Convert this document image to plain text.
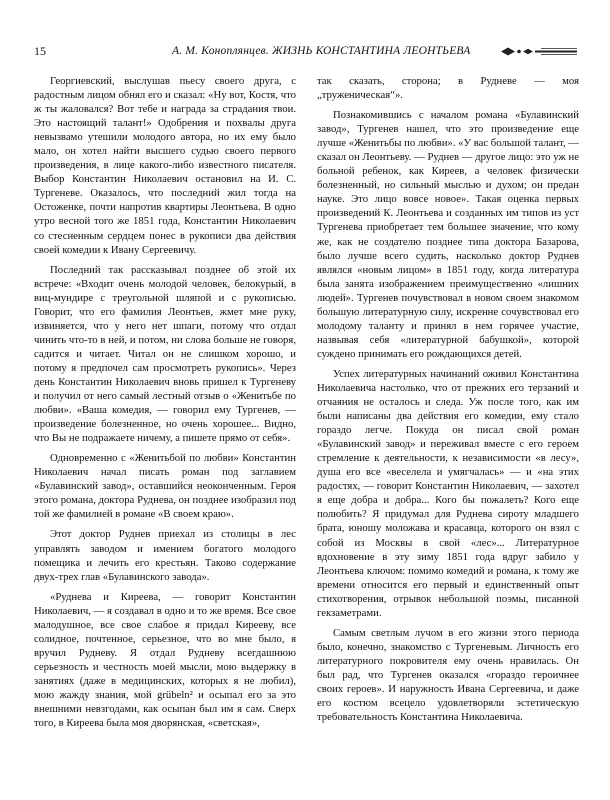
15	А. М. Коноплянцев. ЖИЗНЬ КОНСТАНТИНА ЛЕОНТЬЕВА

Георгиевский, выслушав пьесу своего друга, с радостным лицом обнял его и сказал: «Ну вот, Костя, что ж ты жаловался? Вот тебе и награда за страдания твои. Это настоящий талант!» Одобрения и похвалы друга невызвамо утешили молодого автора, но их ему было мало, он хотел найти высшего судью своего первого произведения, в лице какого-либо известного писателя. Выбор Константин Николаевич остановил на И. С. Тургеневе. Оказалось, что последний жил тогда на Остоженке, почти напротив квартиры Леонтьева. В одно утро весной того же 1851 года, Константин Николаевич со стесненным сердцем понес в рукописи два действия своей комедии к Ивану Сергеевичу.

Последний так рассказывал позднее об этой их встрече: «Входит очень молодой человек, белокурый, в виц-мундире с треугольной шляпой и с рукописью. Говорит, что его фамилия Леонтьев, жмет мне руку, извиняется, что у него нет шпаги, потому что отдал чинить что-то в ней, и потом, ни слова больше не говоря, садится и читает. Читал он не слишком хорошо, и потому я предпочел сам просмотреть рукопись». Через день Константин Николаевич вновь пришел к Тургеневу и получил от него самый лестный отзыв о «Женитьбе по любви». «Ваша комедия, — говорил ему Тургенев, — произведение болезненное, но очень хорошее... Видно, что Вы не подражаете ничему, а пишете прямо от себя».

Одновременно с «Женитьбой по любви» Константин Николаевич начал писать роман под заглавием «Булавинский завод», оставшийся неоконченным. Героя этого романа, доктора Руднева, он позднее изобразил под той же фамилией в романе «В своем краю».

Этот доктор Руднев приехал из столицы в лес управлять заводом и имением богатого молодого помещика и лечить его крестьян. Таково содержание двух-трех глав «Булавинского завода».

«Руднева и Киреева, — говорит Константин Николаевич, — я создавал в одно и то же время. Все свое малодушное, все свое слабое я придал Кирееву, все солидное, почтенное, серьезное, что во мне было, я вручил Рудневу. Я отдал Рудневу всегдашнюю серьезность и честность моей мысли, мою выдержку в занятиях (даже в медицинских, которых я не любил), мою жажду знания, мой grübeln² и осыпал его за это внешними невзгодами, как осыпан был им я сам. Сверх того, в Киреева была моя дворянская, «светская»,

так сказать, сторона; в Рудневе — моя „труженическая“».

Познакомившись с началом романа «Булавинский завод», Тургенев нашел, что это произведение еще лучше «Женитьбы по любви». «У вас большой талант, — сказал он Леонтьеву. — Руднев — другое лицо: это уж не больной ребенок, как Киреев, а человек физически болезненный, но сильный мыслью и духом; он предан науке. Это лицо вовсе новое». Такая оценка первых произведений К. Леонтьева и созданных им типов из уст Тургенева приобретает тем большее значение, что кому же, как не создателю позднее типа доктора Базарова, было лучше всего судить, насколько доктор Руднев являлся «новым лицом» в 1851 году, когда литература была занята изображением преимущественно «лишних людей». Тургенев почувствовал в новом своем знакомом большую литературную силу, искренне сочувствовал его молодому таланту и принял в нем горячее участие, назвывая себя «литературной бабушкой», которой суждено принимать его рождающихся детей.

Успех литературных начинаний оживил Константина Николаевича настолько, что от прежних его терзаний и отчаяния не осталось и следа. Уж после того, как им были написаны два действия его комедии, ему стало гораздо легче. Покуда он писал свой роман «Булавинский завод» и переживал вместе с его героем стремление к деятельности, к независимости «в лесу», душа его все «веселела и умягчалась» — и «на этих радостях, — говорит Константин Николаевич, — захотел я еще добра и добра... Кого бы пожалеть? Кого еще полюбить? Я придумал для Руднева сироту младшего брата, юношу моложава и красавца, которого он взял с собой из Москвы в свой «лес»... Литературное вдохновение в эту зиму 1851 года вдруг забило у Леонтьева ключом: помимо комедий и романа, к тому же времени относится его первый и единственный опыт стихотворения, отрывок небольшой поэмы, писанной гекзаметрами.

Самым светлым лучом в его жизни этого периода было, конечно, знакомство с Тургеневым. Личность его литературного покровителя ему очень нравилась. Он был рад, что Тургенев оказался «гораздо героичнее своих героев». И наружность Ивана Сергеевича, и даже его костюм всецело удовлетворяли эстетическую требовательность Константина Николаевича.
